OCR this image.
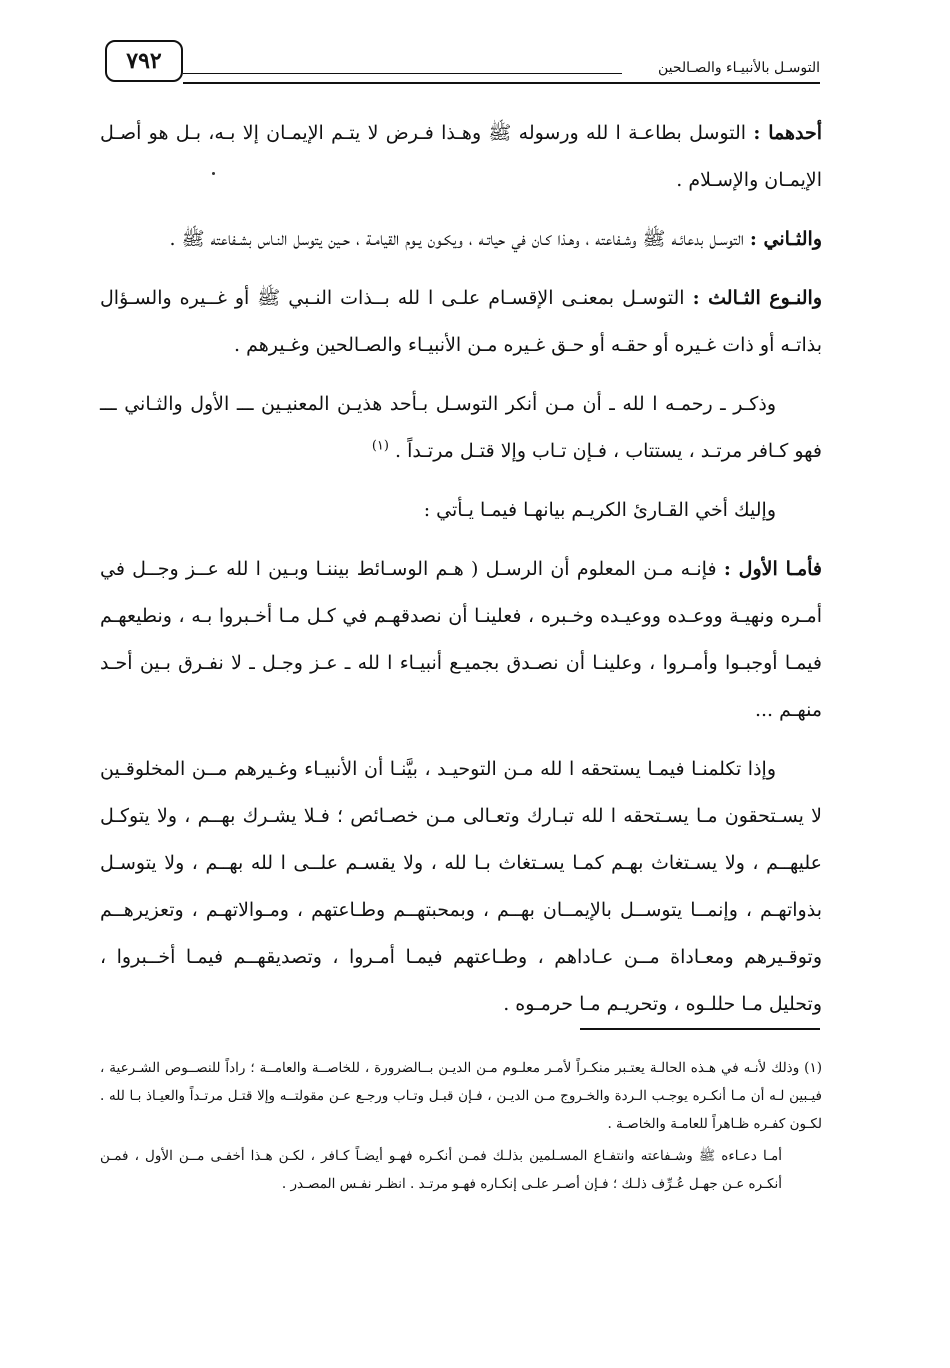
٧٩٢	التوسـل بالأنبيـاء والصـالحين

أحدهما : التوسل بطاعـة ا لله ورسوله ﷺ وهـذا فـرض لا يتـم الإيمـان إلا بـه، بـل هو أصـل الإيمـان والإسـلام .

والثـاني : التوسـل بدعائـه ﷺ وشـفاعته ، وهـذا كـان في حياتـه ، ويكـون يـوم القيامـة ، حـين يتوسل النـاس بشـفاعته ﷺ .

والنـوع الثـالث : التوسـل بمعنـى الإقسـام علـى ا لله بــذات النـبي ﷺ أو غــيره والسـؤال بذاتـه أو ذات غـيره أو حقـه أو حـق غـيره مـن الأنبيـاء والصـالحين وغـيرهم .

وذكـر ـ رحمـه ا لله ـ أن مـن أنكر التوسـل بـأحد هذيـن المعنيـين ـــ الأول والثـاني ـــ فهو كـافر مرتـد ، يستتاب ، فـإن تـاب وإلا قتـل مرتـداً . $^{(١)}$

وإليك أخي القـارئ الكريـم بيانهـا فيمـا يـأتي :

فأمـا الأول : فإنـه مـن المعلوم أن الرسـل ( هـم الوسـائط بيننـا وبـين ا لله عــز وجــل في أمـره ونهيـة ووعـده ووعيـده وخـبره ، فعلينـا أن نصدقهـم في كـل مـا أخـبروا بـه ، ونطيعهـم فيمـا أوجبـوا وأمـروا ، وعلينـا أن نصـدق بجميـع أنبيـاء ا لله ـ عـز وجـل ـ لا نفـرق بـين أحـد منهـم ...

وإذا تكلمنـا فيمـا يستحقه ا لله مـن التوحيـد ، بيَّنـا أن الأنبيـاء وغـيرهم مــن المخلوقـين لا يسـتحقون مـا يسـتحقه ا لله تبـارك وتعـالى مـن خصـائص ؛ فـلا يشـرك بهــم ، ولا يتوكـل عليهــم ، ولا يسـتغاث بهـم كمـا يسـتغاث بـا لله ، ولا يقسـم علــى ا لله بهــم ، ولا يتوسـل بذواتهـم ، وإنمــا يتوســل بالإيمــان بهــم ، وبمحبتهــم وطـاعتهم ، ومـوالاتهـم ، وتعزيرهــم وتوقـيرهم ومعـاداة مــن عـاداهم ، وطـاعتهم فيمـا أمـروا ، وتصديقهــم فيمـا أخــبروا ، وتحليل مـا حللـوه ، وتحريـم مـا حرمـوه .

(١) وذلك لأنـه في هـذه الحالـة يعتـبر منكـراً لأمـر معلـوم مـن الديـن بــالضرورة ، للخاصــة والعامــة ؛ راداً للنصــوص الشـرعية ، فيـبين لـه أن مـا أنكـره يوجـب الـردة والخـروج مـن الديـن ، فـإن قبـل وتـاب ورجـع عـن مقولتــه وإلا قتـل مرتـداً والعيـاذ بـا لله . لكـون كفـره ظـاهراً للعامـة والخاصـة .

أمـا دعـاءه ﷺ وشـفاعته وانتفـاع المسـلمين بذلـك فمـن أنكـره فهـو أيضـاً كـافر ، لكـن هـذا أخفـى مــن الأول ، فمـن أنكـره عـن جهـل عُـرِّف ذلـك ؛ فـإن أصـر علـى إنكـاره فهـو مرتـد . انظـر نفـس المصـدر .
